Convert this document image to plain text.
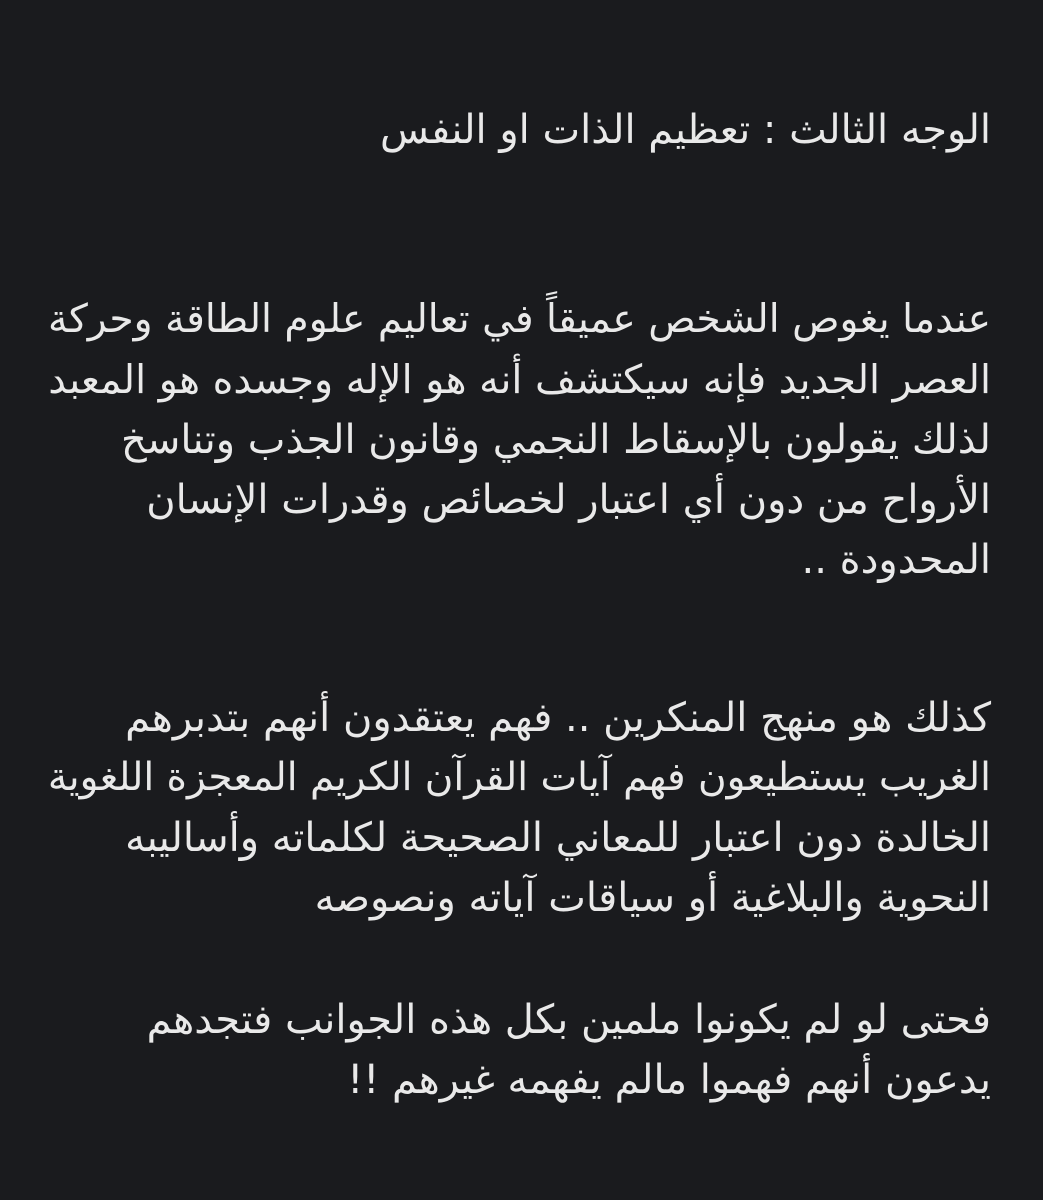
الوجه الثالث : تعظيم الذات او النفس
عندما يغوص الشخص عميقاً في تعاليم علوم الطاقة وحركة
العصر الجديد فإنه سيكتشف أنه هو الإله وجسده هو المعبد
لذلك يقولون بالإسقاط النجمي وقانون الجذب وتناسخ
الأرواح من دون أي اعتبار لخصائص وقدرات الإنسان
المحدودة ..
كذلك هو منهج المنكرين .. فهم يعتقدون أنهم بتدبرهم
الغريب يستطيعون فهم آيات القرآن الكريم المعجزة اللغوية
الخالدة دون اعتبار للمعاني الصحيحة لكلماته وأساليبه
النحوية والبلاغية أو سياقات آياته ونصوصه
فحتى لو لم يكونوا ملمين بكل هذه الجوانب فتجدهم
يدعون أنهم فهموا مالم يفهمه غيرهم !!
